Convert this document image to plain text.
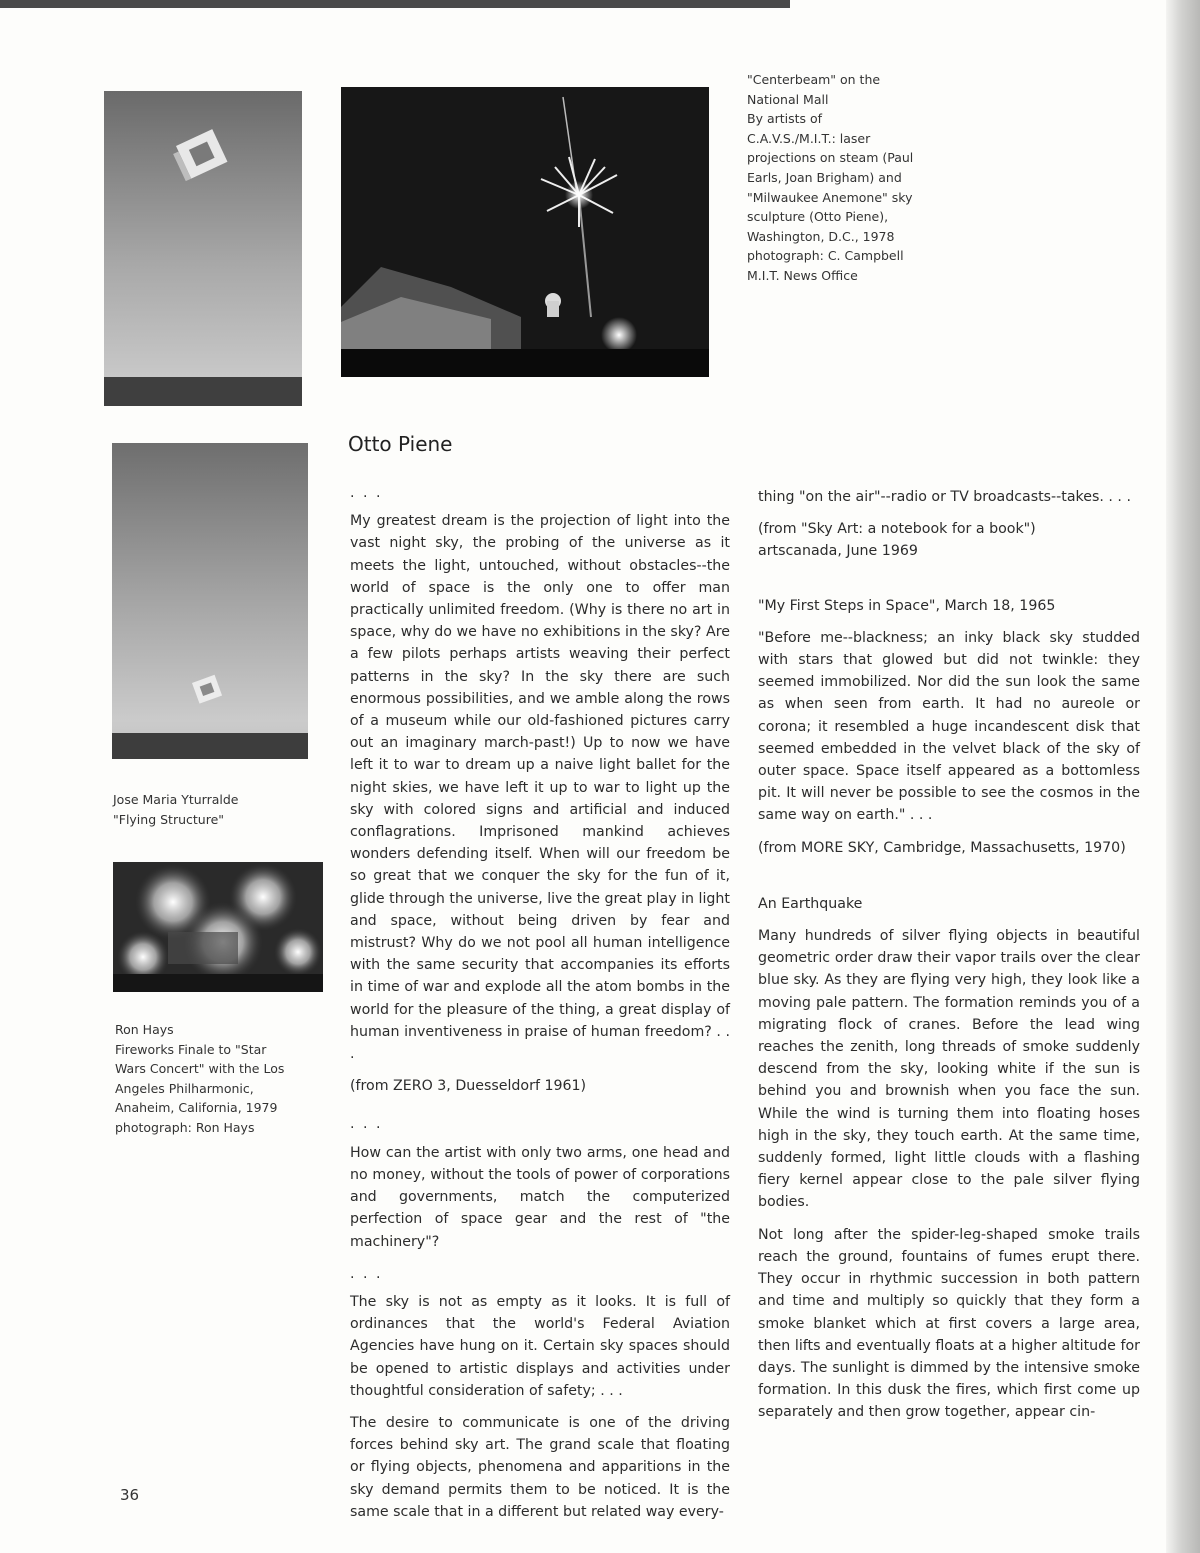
"Centerbeam" on the
National Mall
By artists of
C.A.V.S./M.I.T.: laser
projections on steam (Paul
Earls, Joan Brigham) and
"Milwaukee Anemone" sky
sculpture (Otto Piene),
Washington, D.C., 1978
photograph: C. Campbell
M.I.T. News Office
Otto Piene
Jose Maria Yturralde
"Flying Structure"
Ron Hays
Fireworks Finale to "Star
Wars Concert" with the Los
Angeles Philharmonic,
Anaheim, California, 1979
photograph: Ron Hays

. . .

My greatest dream is the projection of light into the vast night sky, the probing of the universe as it meets the light, untouched, without obstacles--the world of space is the only one to offer man practically unlimited freedom. (Why is there no art in space, why do we have no exhibitions in the sky? Are a few pilots perhaps artists weaving their perfect patterns in the sky? In the sky there are such enormous possibilities, and we amble along the rows of a museum while our old-fashioned pictures carry out an imaginary march-past!) Up to now we have left it to war to dream up a naive light ballet for the night skies, we have left it up to war to light up the sky with colored signs and artificial and induced conflagrations. Imprisoned mankind achieves wonders defending itself. When will our freedom be so great that we conquer the sky for the fun of it, glide through the universe, live the great play in light and space, without being driven by fear and mistrust? Why do we not pool all human intelligence with the same security that accompanies its efforts in time of war and explode all the atom bombs in the world for the pleasure of the thing, a great display of human inventiveness in praise of human freedom? . . .

(from ZERO 3, Duesseldorf 1961)

. . .

How can the artist with only two arms, one head and no money, without the tools of power of corporations and governments, match the computerized perfection of space gear and the rest of "the machinery"?

. . .

The sky is not as empty as it looks. It is full of ordinances that the world's Federal Aviation Agencies have hung on it. Certain sky spaces should be opened to artistic displays and activities under thoughtful consideration of safety; . . .

The desire to communicate is one of the driving forces behind sky art. The grand scale that floating or flying objects, phenomena and apparitions in the sky demand permits them to be noticed. It is the same scale that in a different but related way every-

thing "on the air"--radio or TV broadcasts--takes. . . .

(from "Sky Art: a notebook for a book")

artscanada, June 1969

"My First Steps in Space", March 18, 1965

"Before me--blackness; an inky black sky studded with stars that glowed but did not twinkle: they seemed immobilized. Nor did the sun look the same as when seen from earth. It had no aureole or corona; it resembled a huge incandescent disk that seemed embedded in the velvet black of the sky of outer space. Space itself appeared as a bottomless pit. It will never be possible to see the cosmos in the same way on earth." . . .

(from MORE SKY, Cambridge, Massachusetts, 1970)

An Earthquake

Many hundreds of silver flying objects in beautiful geometric order draw their vapor trails over the clear blue sky. As they are flying very high, they look like a moving pale pattern. The formation reminds you of a migrating flock of cranes. Before the lead wing reaches the zenith, long threads of smoke suddenly descend from the sky, looking white if the sun is behind you and brownish when you face the sun. While the wind is turning them into floating hoses high in the sky, they touch earth. At the same time, suddenly formed, light little clouds with a flashing fiery kernel appear close to the pale silver flying bodies.

Not long after the spider-leg-shaped smoke trails reach the ground, fountains of fumes erupt there. They occur in rhythmic succession in both pattern and time and multiply so quickly that they form a smoke blanket which at first covers a large area, then lifts and eventually floats at a higher altitude for days. The sunlight is dimmed by the intensive smoke formation. In this dusk the fires, which first come up separately and then grow together, appear cin-

36
